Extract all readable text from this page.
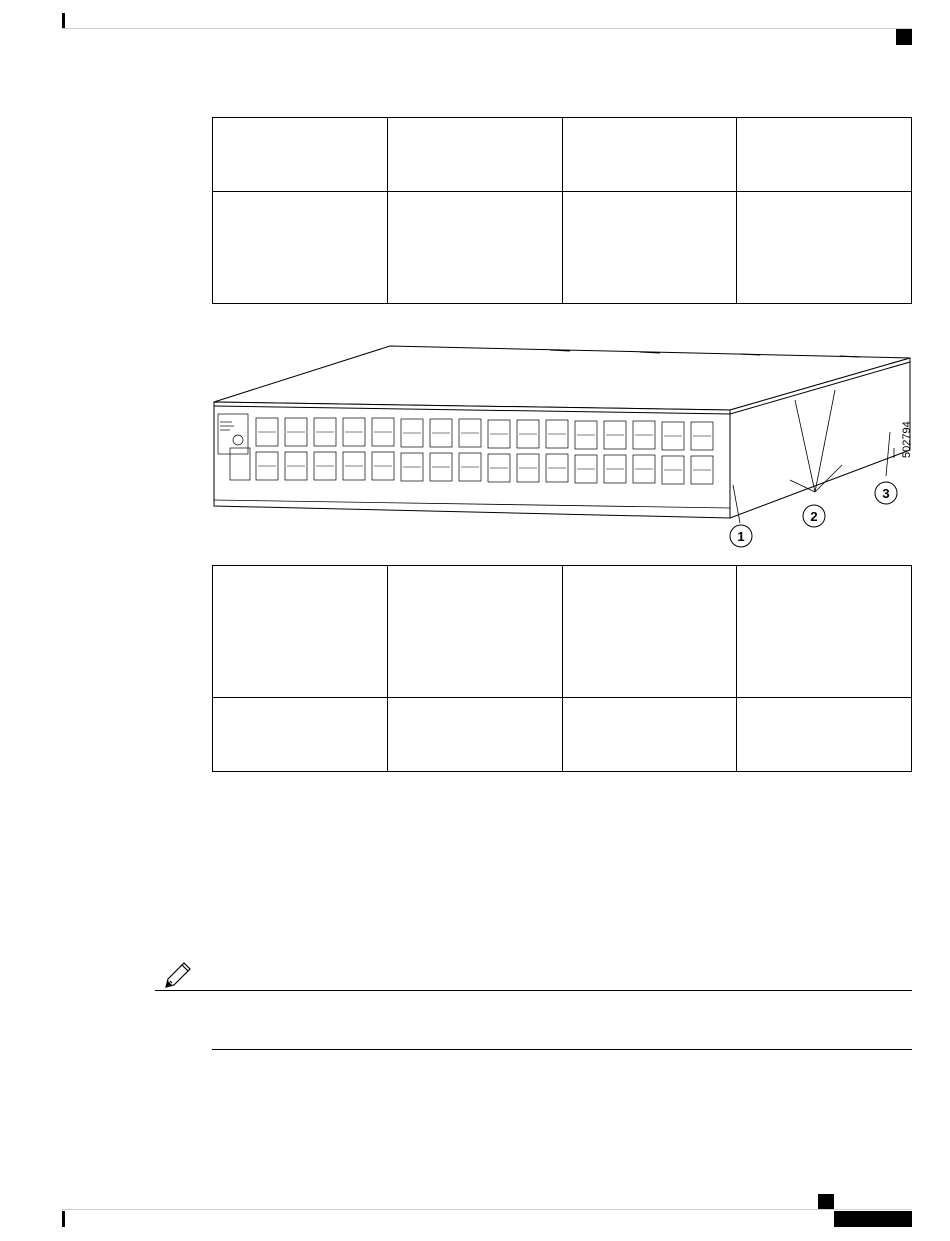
1
2
3
502794
